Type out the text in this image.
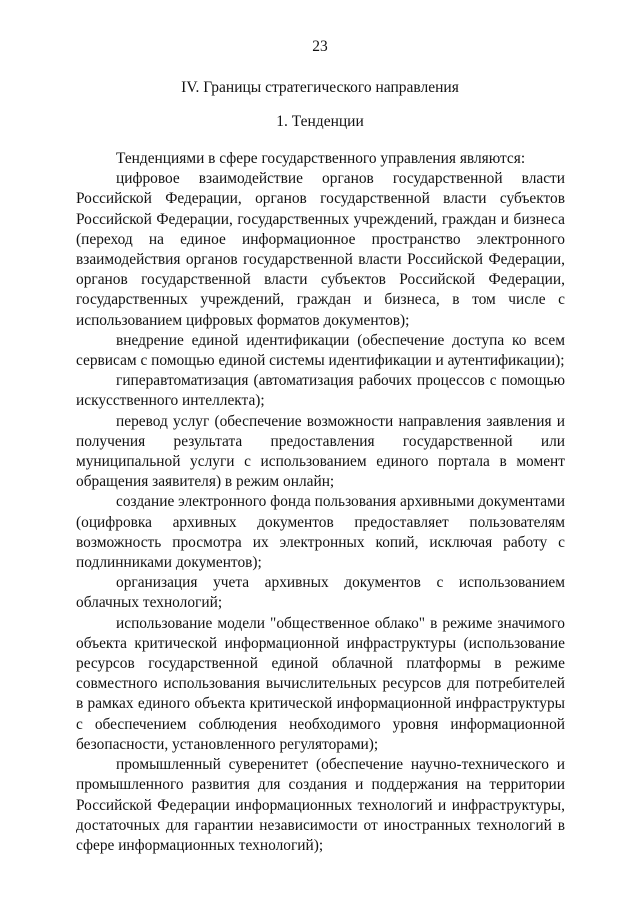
23
IV. Границы стратегического направления
1. Тенденции

Тенденциями в сфере государственного управления являются:

цифровое взаимодействие органов государственной власти Российской Федерации, органов государственной власти субъектов Российской Федерации, государственных учреждений, граждан и бизнеса (переход на единое информационное пространство электронного взаимодействия органов государственной власти Российской Федерации, органов государственной власти субъектов Российской Федерации, государственных учреждений, граждан и бизнеса, в том числе с использованием цифровых форматов документов);

внедрение единой идентификации (обеспечение доступа ко всем сервисам с помощью единой системы идентификации и аутентификации);

гиперавтоматизация (автоматизация рабочих процессов с помощью искусственного интеллекта);

перевод услуг (обеспечение возможности направления заявления и получения результата предоставления государственной или муниципальной услуги с использованием единого портала в момент обращения заявителя) в режим онлайн;

создание электронного фонда пользования архивными документами (оцифровка архивных документов предоставляет пользователям возможность просмотра их электронных копий, исключая работу с подлинниками документов);

организация учета архивных документов с использованием облачных технологий;

использование модели "общественное облако" в режиме значимого объекта критической информационной инфраструктуры (использование ресурсов государственной единой облачной платформы в режиме совместного использования вычислительных ресурсов для потребителей в рамках единого объекта критической информационной инфраструктуры с обеспечением соблюдения необходимого уровня информационной безопасности, установленного регуляторами);

промышленный суверенитет (обеспечение научно-технического и промышленного развития для создания и поддержания на территории Российской Федерации информационных технологий и инфраструктуры, достаточных для гарантии независимости от иностранных технологий в сфере информационных технологий);
